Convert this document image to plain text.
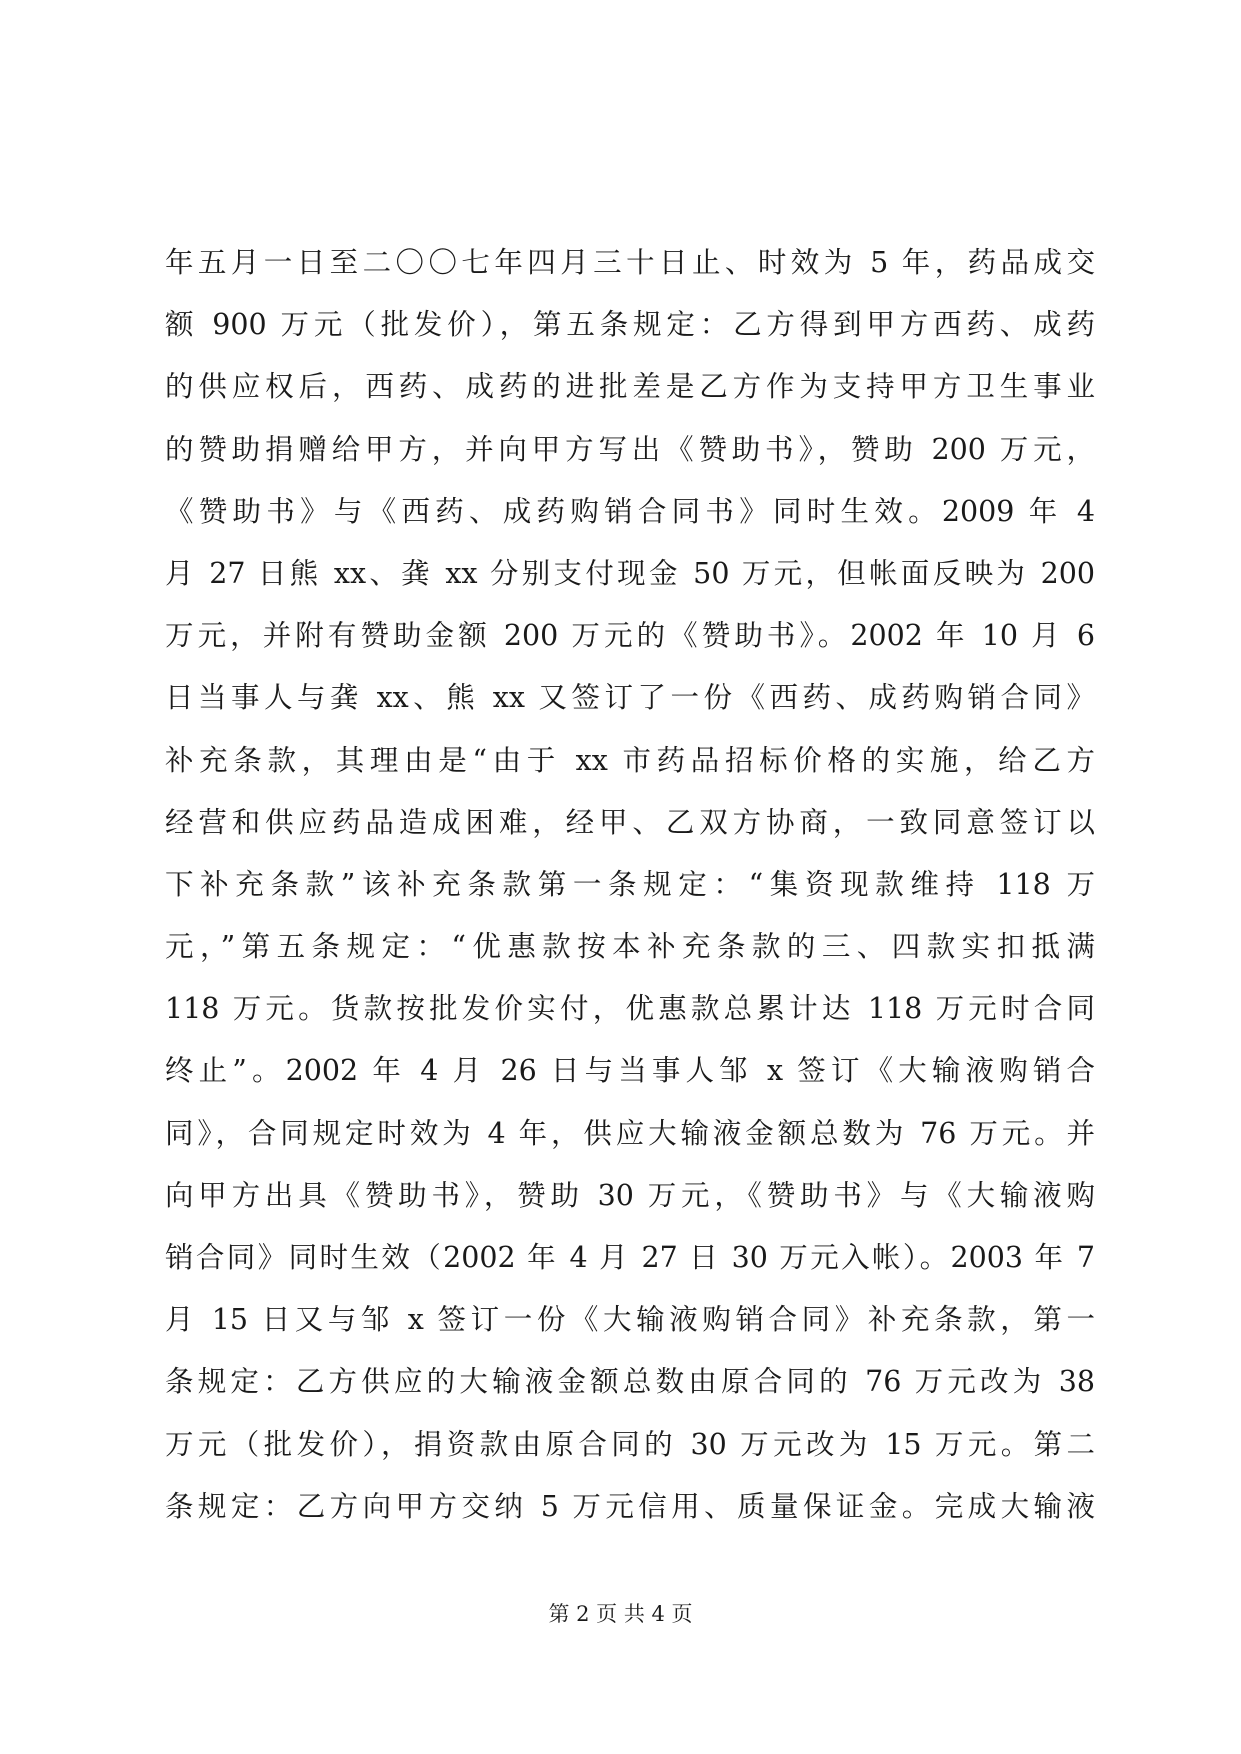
年五月一日至二〇〇七年四月三十日止、时效为 5 年，药品成交
额 900 万元（批发价），第五条规定：乙方得到甲方西药、成药
的供应权后，西药、成药的进批差是乙方作为支持甲方卫生事业
的赞助捐赠给甲方，并向甲方写出《赞助书》，赞助 200 万元，
《赞助书》与《西药、成药购销合同书》同时生效。2009 年 4
月 27 日熊 xx、龚 xx 分别支付现金 50 万元，但帐面反映为 200
万元，并附有赞助金额 200 万元的《赞助书》。2002 年 10 月 6
日当事人与龚 xx、熊 xx 又签订了一份《西药、成药购销合同》
补充条款，其理由是“由于 xx 市药品招标价格的实施，给乙方
经营和供应药品造成困难，经甲、乙双方协商，一致同意签订以
下补充条款”该补充条款第一条规定：“集资现款维持 118 万
元，”第五条规定：“优惠款按本补充条款的三、四款实扣抵满
118 万元。货款按批发价实付，优惠款总累计达 118 万元时合同
终止”。2002 年 4 月 26 日与当事人邹 x 签订《大输液购销合
同》，合同规定时效为 4 年，供应大输液金额总数为 76 万元。并
向甲方出具《赞助书》，赞助 30 万元，《赞助书》与《大输液购
销合同》同时生效（2002 年 4 月 27 日 30 万元入帐）。2003 年 7
月 15 日又与邹 x 签订一份《大输液购销合同》补充条款，第一
条规定：乙方供应的大输液金额总数由原合同的 76 万元改为 38
万元（批发价），捐资款由原合同的 30 万元改为 15 万元。第二
条规定：乙方向甲方交纳 5 万元信用、质量保证金。完成大输液
第 2 页 共 4 页
